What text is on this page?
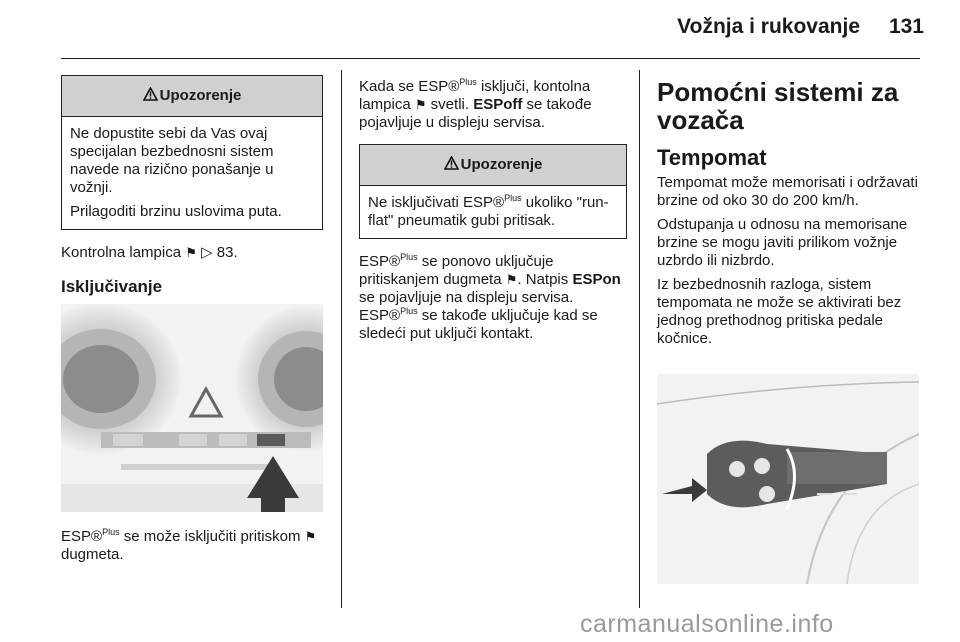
Vožnja i rukovanje	131
Upozorenje

Ne dopustite sebi da Vas ovaj specijalan bezbednosni sistem navede na rizično ponašanje u vožnji.

Prilagoditi brzinu uslovima puta.

Kontrolna lampica ⚑ ▷ 83.

Isključivanje

ESP®$^{Plus}$ se može isključiti pritiskom ⚑ dugmeta.

Kada se ESP®$^{Plus}$ isključi, kontolna lampica ⚑ svetli. ESPoff se takođe pojavljuje u displeju servisa.

Upozorenje

Ne isključivati ESP®$^{Plus}$ ukoliko "run-flat" pneumatik gubi pritisak.

ESP®$^{Plus}$ se ponovo uključuje pritiskanjem dugmeta ⚑. Natpis ESPon se pojavljuje na displeju servisa. ESP®$^{Plus}$ se takođe uključuje kad se sledeći put uključi kontakt.

Pomoćni sistemi za vozača

Tempomat

Tempomat može memorisati i održavati brzine od oko 30 do 200 km/h.

Odstupanja u odnosu na memorisane brzine se mogu javiti prilikom vožnje uzbrdo ili nizbrdo.

Iz bezbednosnih razloga, sistem tempomata ne može se aktivirati bez jednog prethodnog pritiska pedale kočnice.

carmanualsonline.info
